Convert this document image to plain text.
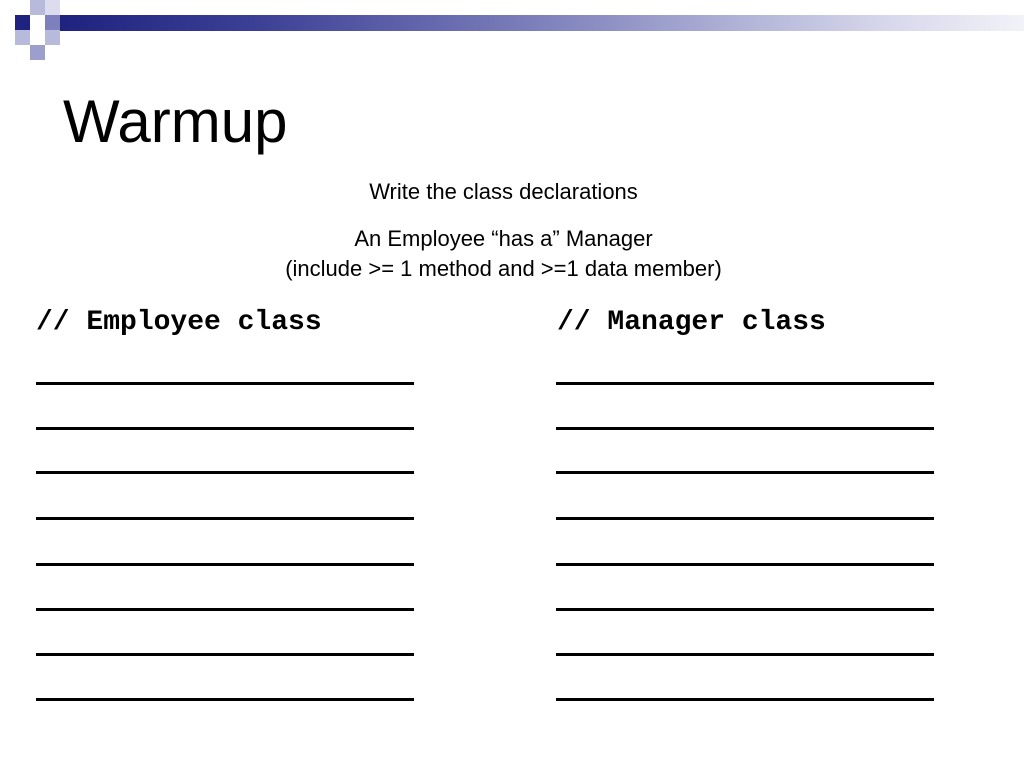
Warmup
Write the class declarations
An Employee “has a” Manager
(include >= 1 method and >=1 data member)
// Employee class	// Manager class
